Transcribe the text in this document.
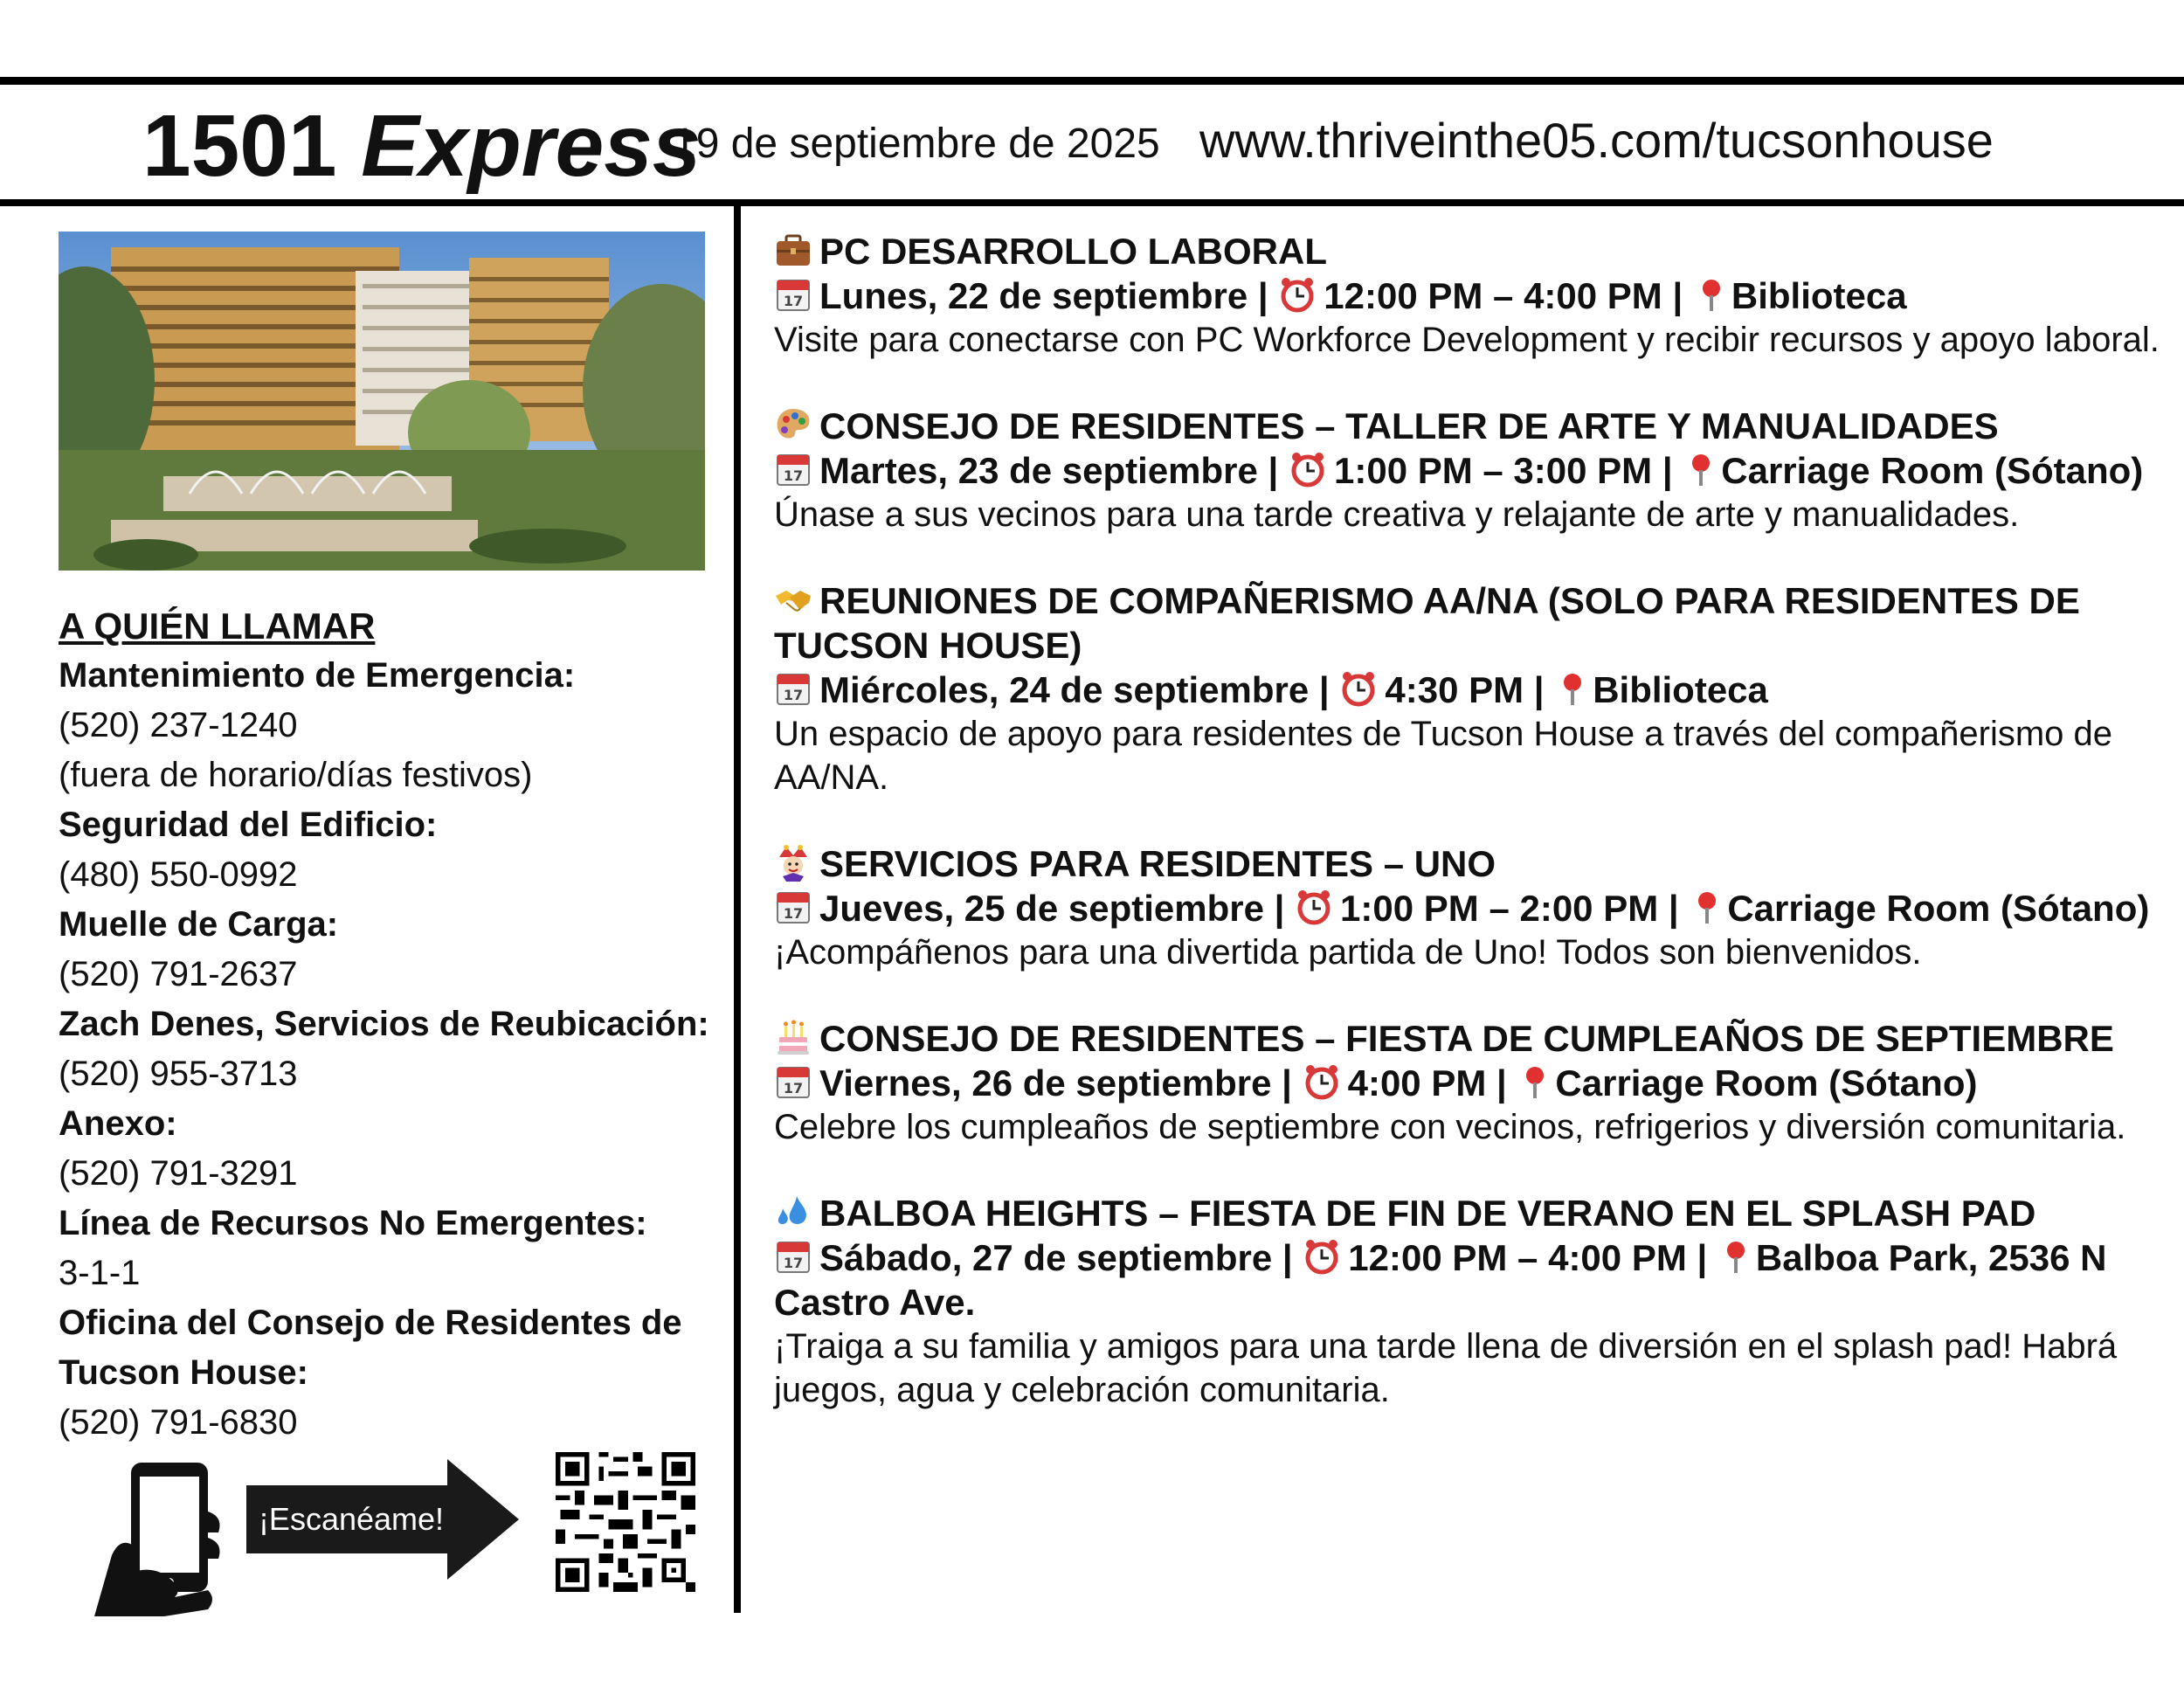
1501 Express
19 de septiembre de 2025 www.thriveinthe05.com/tucsonhouse
A QUIÉN LLAMAR
Mantenimiento de Emergencia:
(520) 237-1240
(fuera de horario/días festivos)
Seguridad del Edificio:
(480) 550-0992
Muelle de Carga:
(520) 791-2637
Zach Denes, Servicios de Reubicación:
(520) 955-3713
Anexo:
(520) 791-3291
Línea de Recursos No Emergentes:
3-1-1
Oficina del Consejo de Residentes de Tucson House:
(520) 791-6830
¡Escanéame!
PC DESARROLLO LABORAL
17 Lunes, 22 de septiembre |
12:00 PM – 4:00 PM |
Biblioteca
Visite para conectarse con PC Workforce Development y recibir recursos y apoyo laboral.
CONSEJO DE RESIDENTES – TALLER DE ARTE Y MANUALIDADES
17 Martes, 23 de septiembre |
1:00 PM – 3:00 PM |
Carriage Room (Sótano)
Únase a sus vecinos para una tarde creativa y relajante de arte y manualidades.
REUNIONES DE COMPAÑERISMO AA/NA (SOLO PARA RESIDENTES DE TUCSON HOUSE)
17 Miércoles, 24 de septiembre |
4:30 PM |
Biblioteca
Un espacio de apoyo para residentes de Tucson House a través del compañerismo de AA/NA.
SERVICIOS PARA RESIDENTES – UNO
17 Jueves, 25 de septiembre |
1:00 PM – 2:00 PM |
Carriage Room (Sótano)
¡Acompáñenos para una divertida partida de Uno! Todos son bienvenidos.
CONSEJO DE RESIDENTES – FIESTA DE CUMPLEAÑOS DE SEPTIEMBRE
17 Viernes, 26 de septiembre |
4:00 PM |
Carriage Room (Sótano)
Celebre los cumpleaños de septiembre con vecinos, refrigerios y diversión comunitaria.
BALBOA HEIGHTS – FIESTA DE FIN DE VERANO EN EL SPLASH PAD
17 Sábado, 27 de septiembre |
12:00 PM – 4:00 PM |
Balboa Park, 2536 N Castro Ave.
¡Traiga a su familia y amigos para una tarde llena de diversión en el splash pad! Habrá juegos, agua y celebración comunitaria.
